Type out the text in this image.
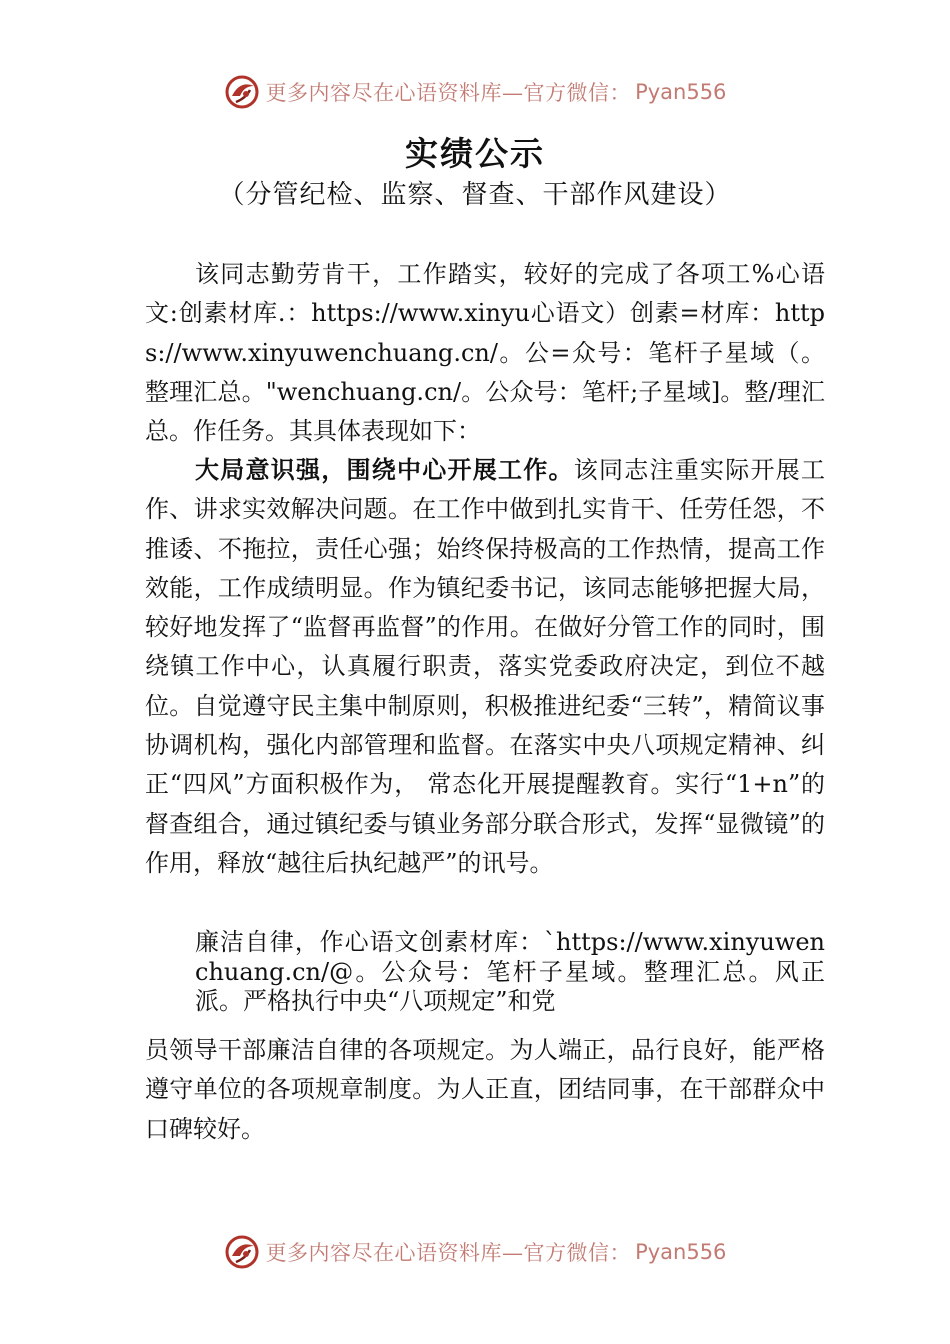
更多内容尽在心语资料库—官方微信： Pyan556
实绩公示
（分管纪检、监察、督查、干部作风建设）

该同志勤劳肯干，工作踏实，较好的完成了各项工%心语文:创素材库.：https://www.xinyu心语文）创素=材库：https://www.xinyuwenchuang.cn/。公=众号：笔杆子星域（。整理汇总。"wenchuang.cn/。公众号：笔杆;子星域]。整/理汇总。作任务。其具体表现如下：

大局意识强，围绕中心开展工作。该同志注重实际开展工作、讲求实效解决问题。在工作中做到扎实肯干、任劳任怨，不推诿、不拖拉，责任心强；始终保持极高的工作热情，提高工作效能，工作成绩明显。作为镇纪委书记，该同志能够把握大局，较好地发挥了“监督再监督”的作用。在做好分管工作的同时，围绕镇工作中心，认真履行职责，落实党委政府决定，到位不越位。自觉遵守民主集中制原则，积极推进纪委“三转”，精简议事协调机构，强化内部管理和监督。在落实中央八项规定精神、纠正“四风”方面积极作为， 常态化开展提醒教育。实行“1+n”的督查组合，通过镇纪委与镇业务部分联合形式，发挥“显微镜”的作用，释放“越往后执纪越严”的讯号。

廉洁自律，作心语文创素材库：`https://www.xinyuwenchuang.cn/@。公众号：笔杆子星域。整理汇总。风正派。严格执行中央“八项规定”和党

员领导干部廉洁自律的各项规定。为人端正，品行良好，能严格遵守单位的各项规章制度。为人正直，团结同事，在干部群众中口碑较好。

更多内容尽在心语资料库—官方微信： Pyan556
